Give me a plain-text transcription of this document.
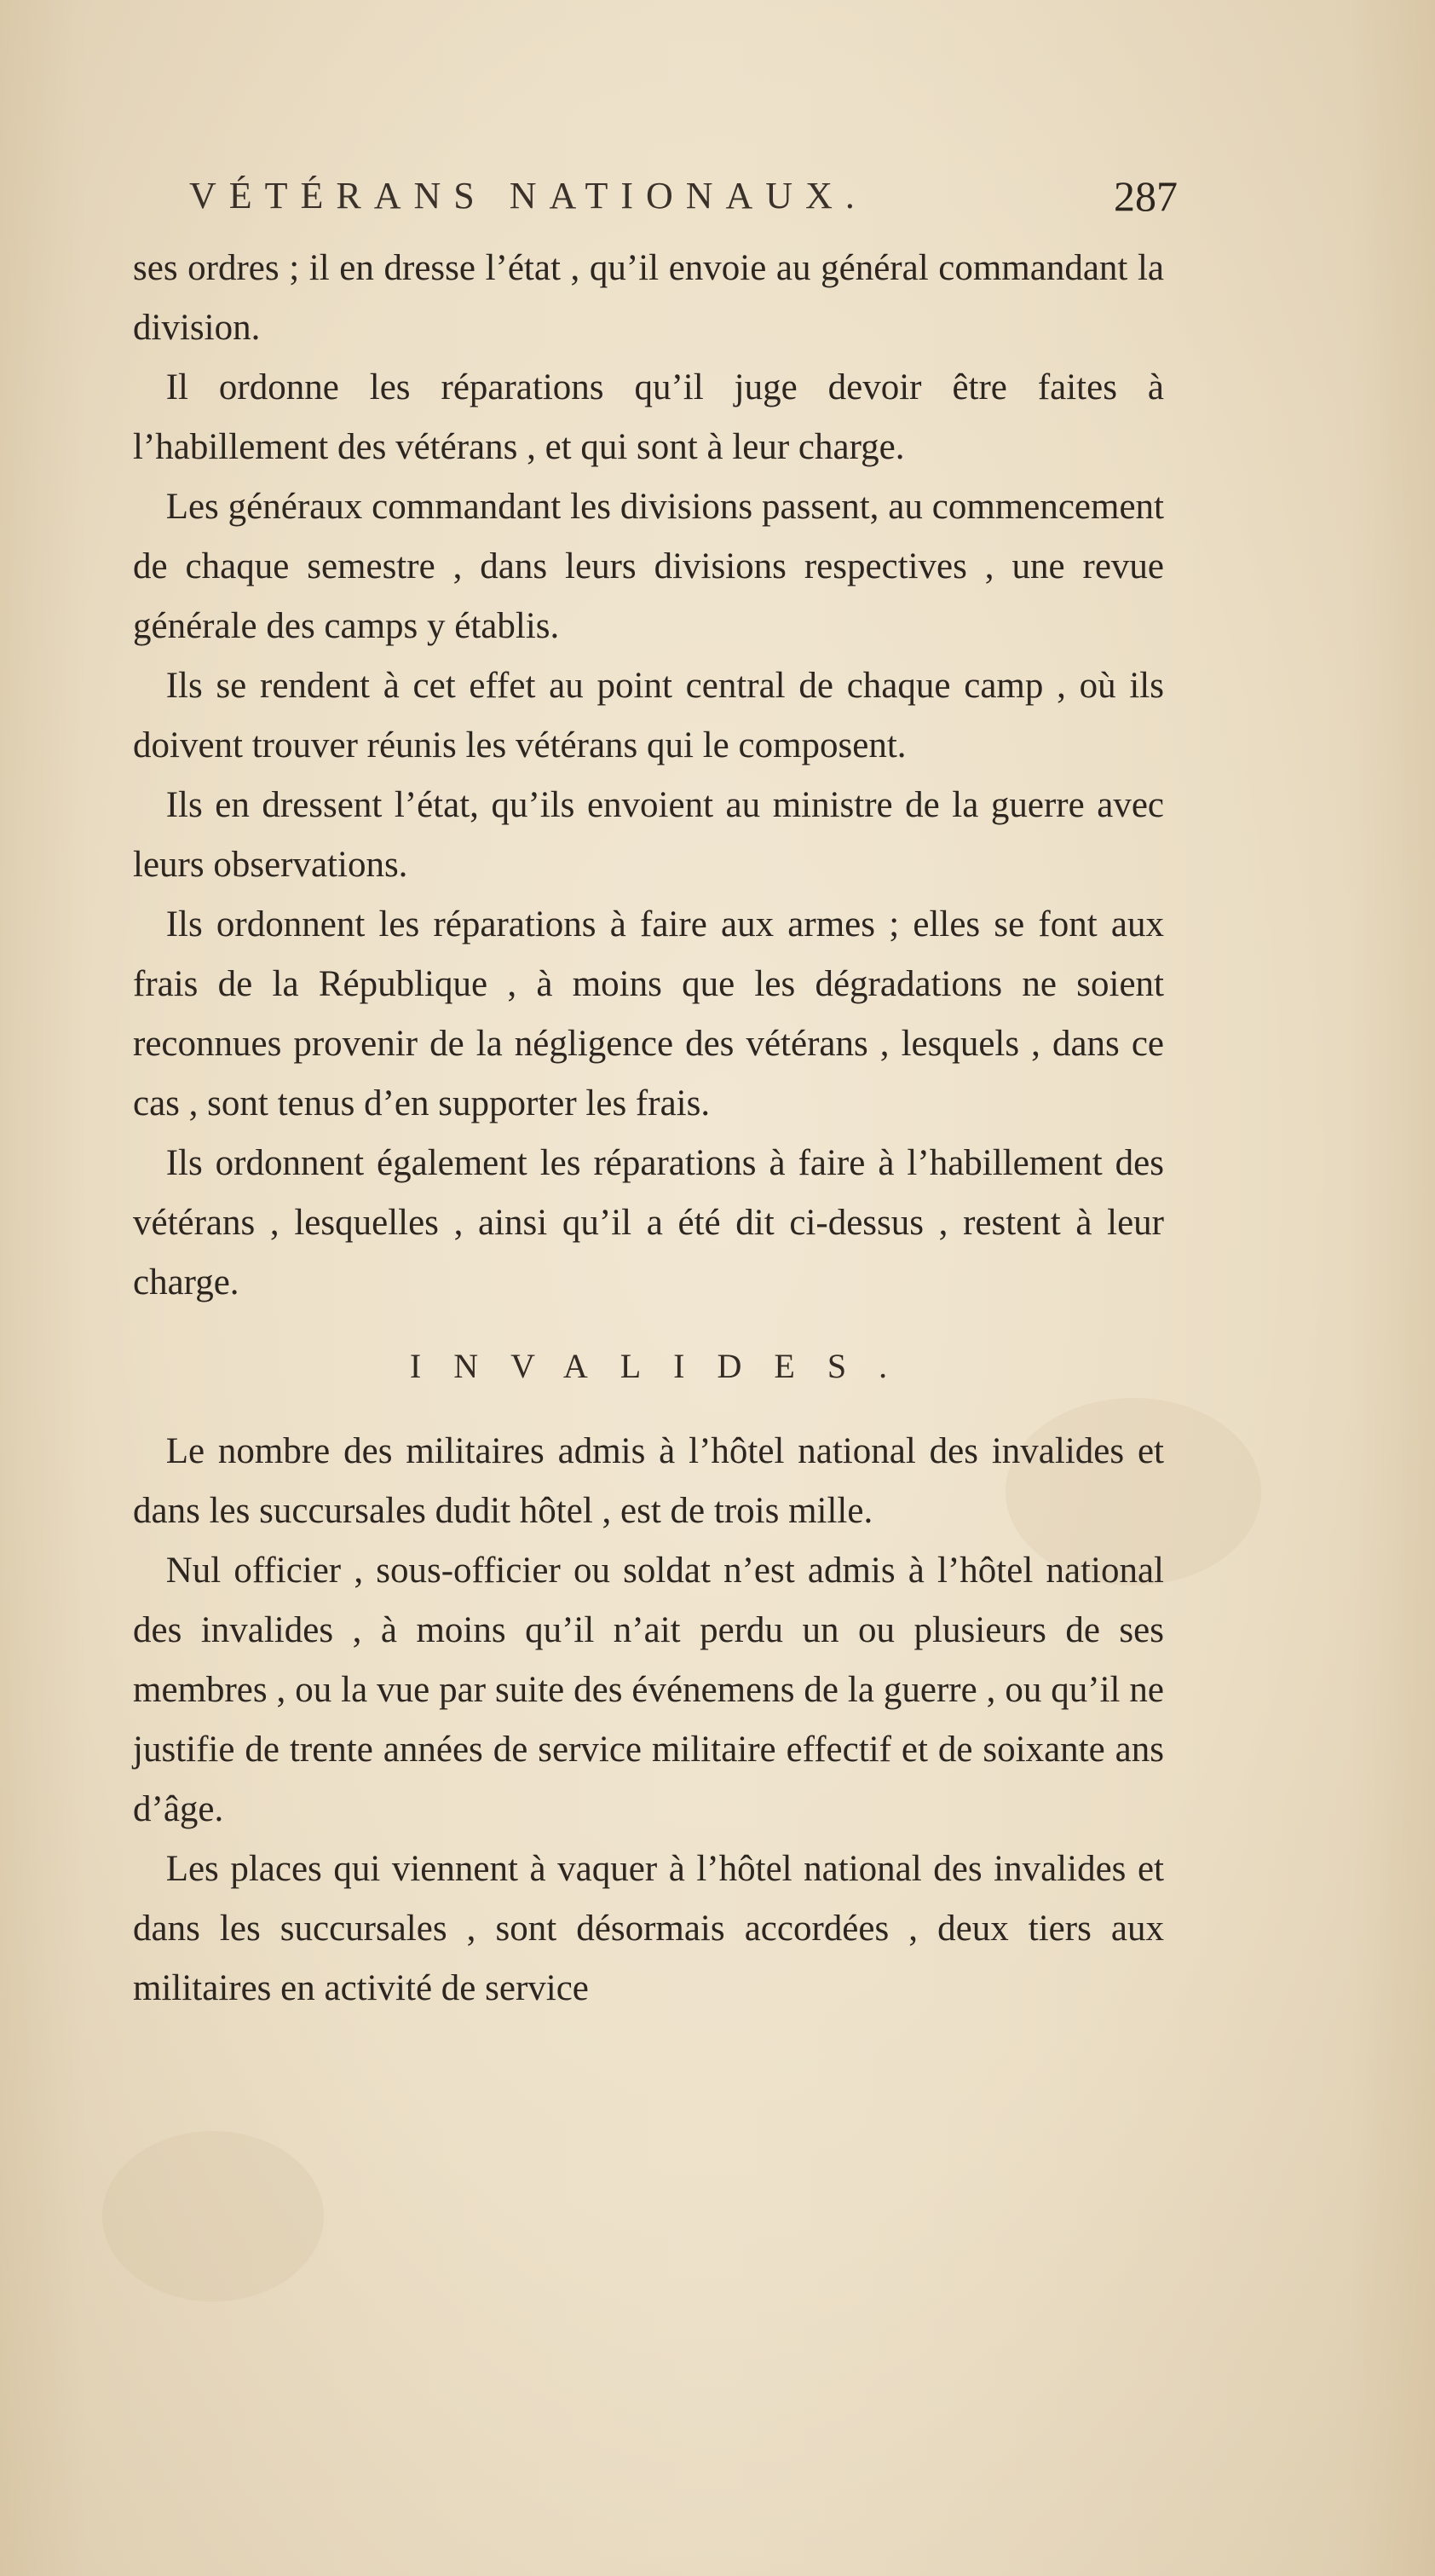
VÉTÉRANS NATIONAUX.	287

ses ordres ; il en dresse l’état , qu’il envoie au général commandant la division.

Il ordonne les réparations qu’il juge devoir être faites à l’habillement des vétérans , et qui sont à leur charge.

Les généraux commandant les divisions passent, au commencement de chaque semestre , dans leurs divisions respectives , une revue générale des camps y établis.

Ils se rendent à cet effet au point central de chaque camp , où ils doivent trouver réunis les vétérans qui le composent.

Ils en dressent l’état, qu’ils envoient au ministre de la guerre avec leurs observations.

Ils ordonnent les réparations à faire aux armes ; elles se font aux frais de la République , à moins que les dégradations ne soient reconnues provenir de la négligence des vétérans , lesquels , dans ce cas , sont tenus d’en supporter les frais.

Ils ordonnent également les réparations à faire à l’habillement des vétérans , lesquelles , ainsi qu’il a été dit ci-dessus , restent à leur charge.

INVALIDES.

Le nombre des militaires admis à l’hôtel national des invalides et dans les succursales dudit hôtel , est de trois mille.

Nul officier , sous-officier ou soldat n’est admis à l’hôtel national des invalides , à moins qu’il n’ait perdu un ou plusieurs de ses membres , ou la vue par suite des événemens de la guerre , ou qu’il ne justifie de trente années de service militaire effectif et de soixante ans d’âge.

Les places qui viennent à vaquer à l’hôtel national des invalides et dans les succursales , sont désormais accordées , deux tiers aux militaires en activité de service
